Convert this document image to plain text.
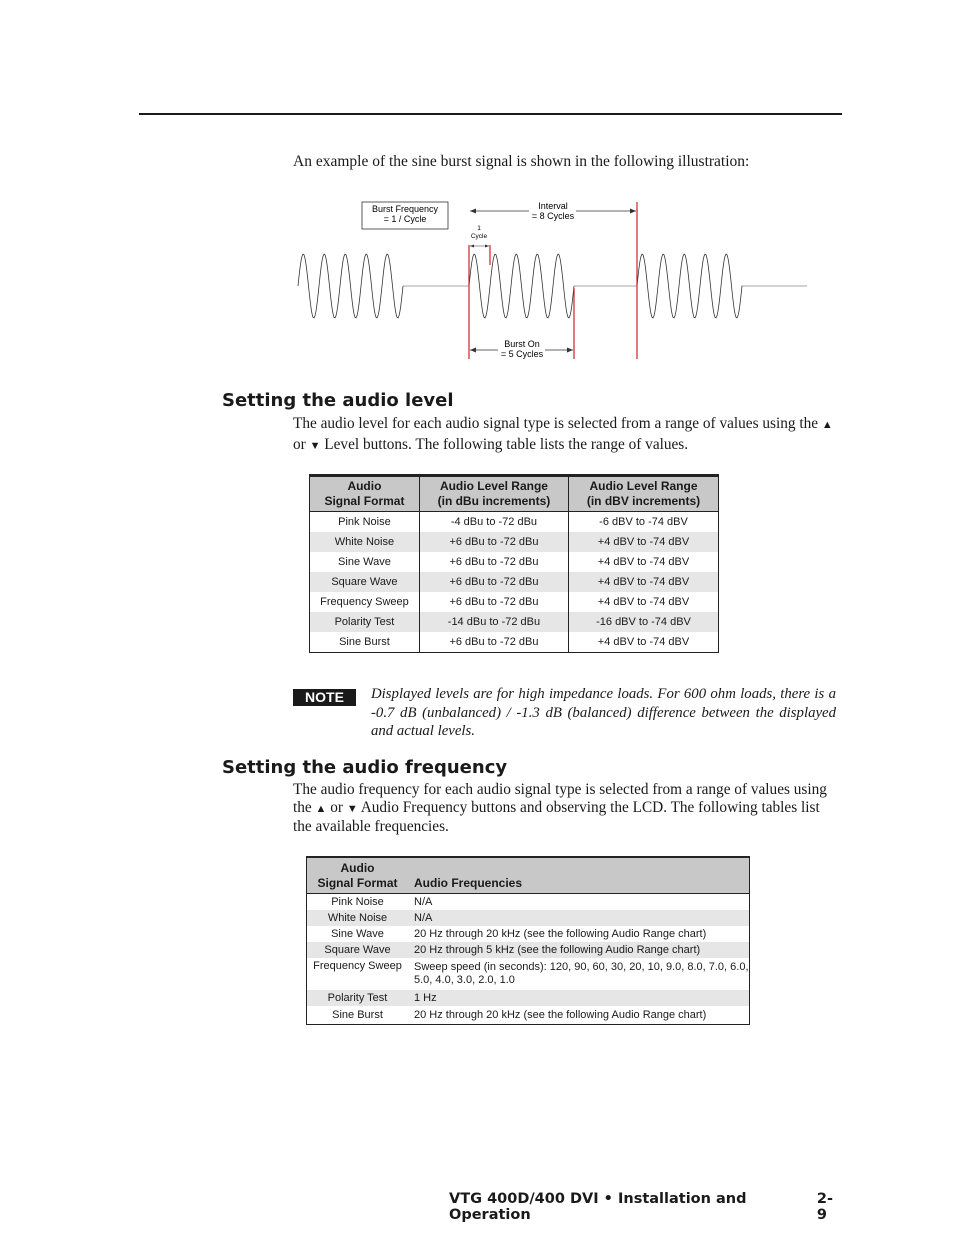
An example of the sine burst signal is shown in the following illustration:
Burst Frequency
= 1 / Cycle
Interval
= 8 Cycles
1
Cycle
Burst On
= 5 Cycles
Setting the audio level

The audio level for each audio signal type is selected from a range of values using the ▲ or ▼ Level buttons. The following table lists the range of values.

Audio
Signal Format	Audio Level Range
(in dBu increments)	Audio Level Range
(in dBV increments)
Pink Noise	-4 dBu to -72 dBu	-6 dBV to -74 dBV
White Noise	+6 dBu to -72 dBu	+4 dBV to -74 dBV
Sine Wave	+6 dBu to -72 dBu	+4 dBV to -74 dBV
Square Wave	+6 dBu to -72 dBu	+4 dBV to -74 dBV
Frequency Sweep	+6 dBu to -72 dBu	+4 dBV to -74 dBV
Polarity Test	-14 dBu to -72 dBu	-16 dBV to -74 dBV
Sine Burst	+6 dBu to -72 dBu	+4 dBV to -74 dBV
NOTE	Displayed levels are for high impedance loads. For 600 ohm loads, there is a -0.7 dB (unbalanced) / -1.3 dB (balanced) difference between the displayed and actual levels.

Setting the audio frequency

The audio frequency for each audio signal type is selected from a range of values using the ▲ or ▼ Audio Frequency buttons and observing the LCD. The following tables list the available frequencies.

Audio
Signal Format	Audio Frequencies
Pink Noise	N/A
White Noise	N/A
Sine Wave	20 Hz through 20 kHz (see the following Audio Range chart)
Square Wave	20 Hz through 5 kHz (see the following Audio Range chart)
Frequency Sweep	Sweep speed (in seconds): 120, 90, 60, 30, 20, 10, 9.0, 8.0, 7.0, 6.0, 5.0, 4.0, 3.0, 2.0, 1.0
Polarity Test	1 Hz
Sine Burst	20 Hz through 20 kHz (see the following Audio Range chart)
VTG 400D/400 DVI • Installation and Operation
2-9
